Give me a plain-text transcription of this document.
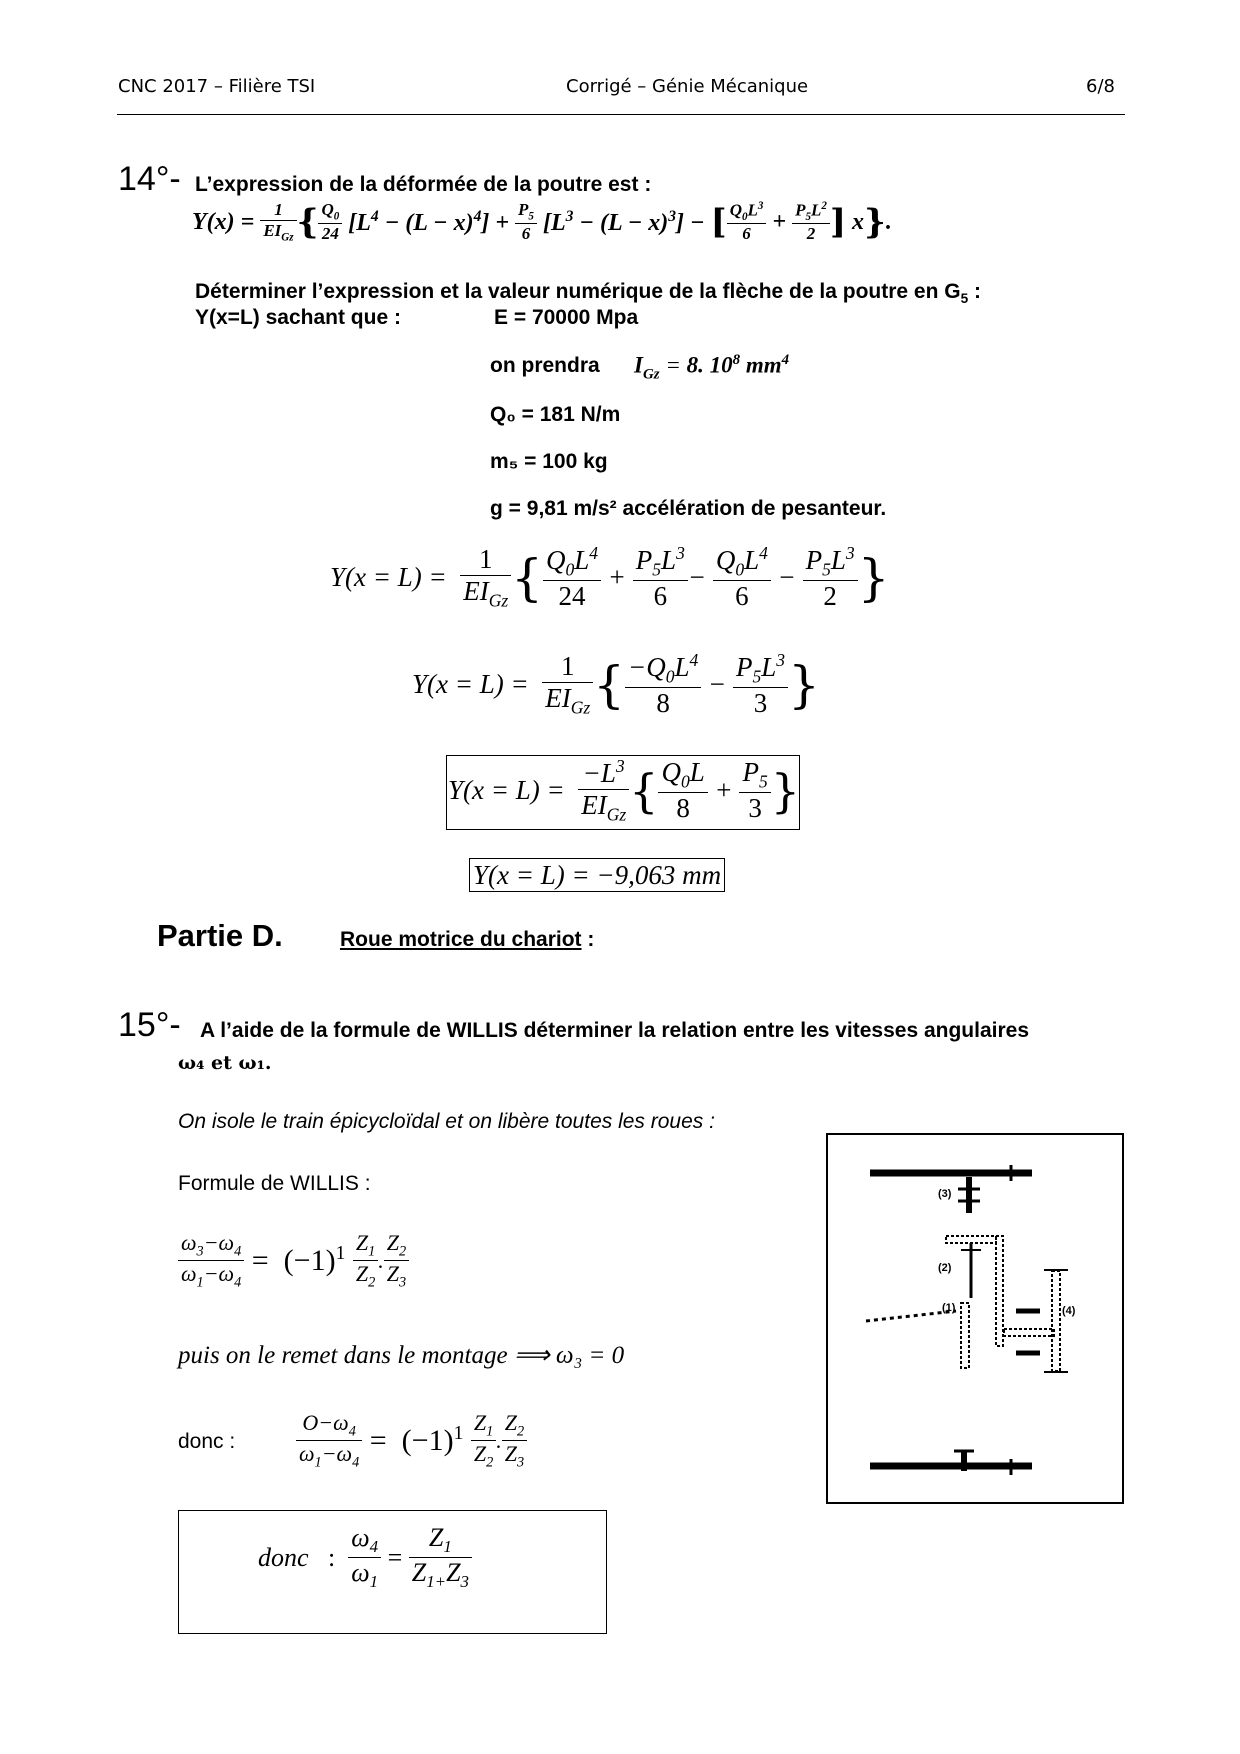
CNC 2017 – Filière TSI	Corrigé – Génie Mécanique	6/8
14°- L’expression de la déformée de la poutre est :
$Y(x) = \frac{1}{EI_{Gz}}$ { $\frac{Q_0}{24} [L^4 - (L - x)^4] + \frac{P_5}{6} [L^3 - (L - x)^3]$ − [ $\frac{Q_0L^3}{6} + \frac{P_5L^2}{2}$ ] x } .
Déterminer l’expression et la valeur numérique de la flèche de la poutre en $G_5$ :
Y(x=L) sachant que :	E = 70000 Mpa
on prendra $I_{Gz} = 8$. $10^8$ $mm^4$
Q₀ = 181 N/m
m₅ = 100 kg
g = 9,81 m/s² accélération de pesanteur.
$Y(x = L) = \frac{1}{EI_{Gz}}$ { $\frac{Q_0L^4}{24} + \frac{P_5L^3}{6} - \frac{Q_0L^4}{6} - \frac{P_5L^3}{2}$ }
$Y(x = L) = \frac{1}{EI_{Gz}}$ { $\frac{-Q_0L^4}{8} - \frac{P_5L^3}{3}$ }
$Y(x = L) = \frac{-L^3}{EI_{Gz}}$ { $\frac{Q_0L}{8} + \frac{P_5}{3}$ }
Y(x = L) = −9,063 mm
Partie D.	Roue motrice du chariot :
15°- A l’aide de la formule de WILLIS déterminer la relation entre les vitesses angulaires
ω₄ et ω₁.
On isole le train épicycloïdal et on libère toutes les roues :
Formule de WILLIS :
$\frac{\omega_3-\omega_4}{\omega_1-\omega_4} = (-1)^1 \frac{Z_1}{Z_2}$ . $\frac{Z_2}{Z_3}$
puis on le remet dans le montage ⟹ ω₃ = 0
donc :	$\frac{O-\omega_4}{\omega_1-\omega_4} = (-1)^1 \frac{Z_1}{Z_2}$ . $\frac{Z_2}{Z_3}$
donc : $\frac{\omega_4}{\omega_1} = \frac{Z_1}{Z_{1+}Z_3}$
(3)
(2)
(1)	(4)
